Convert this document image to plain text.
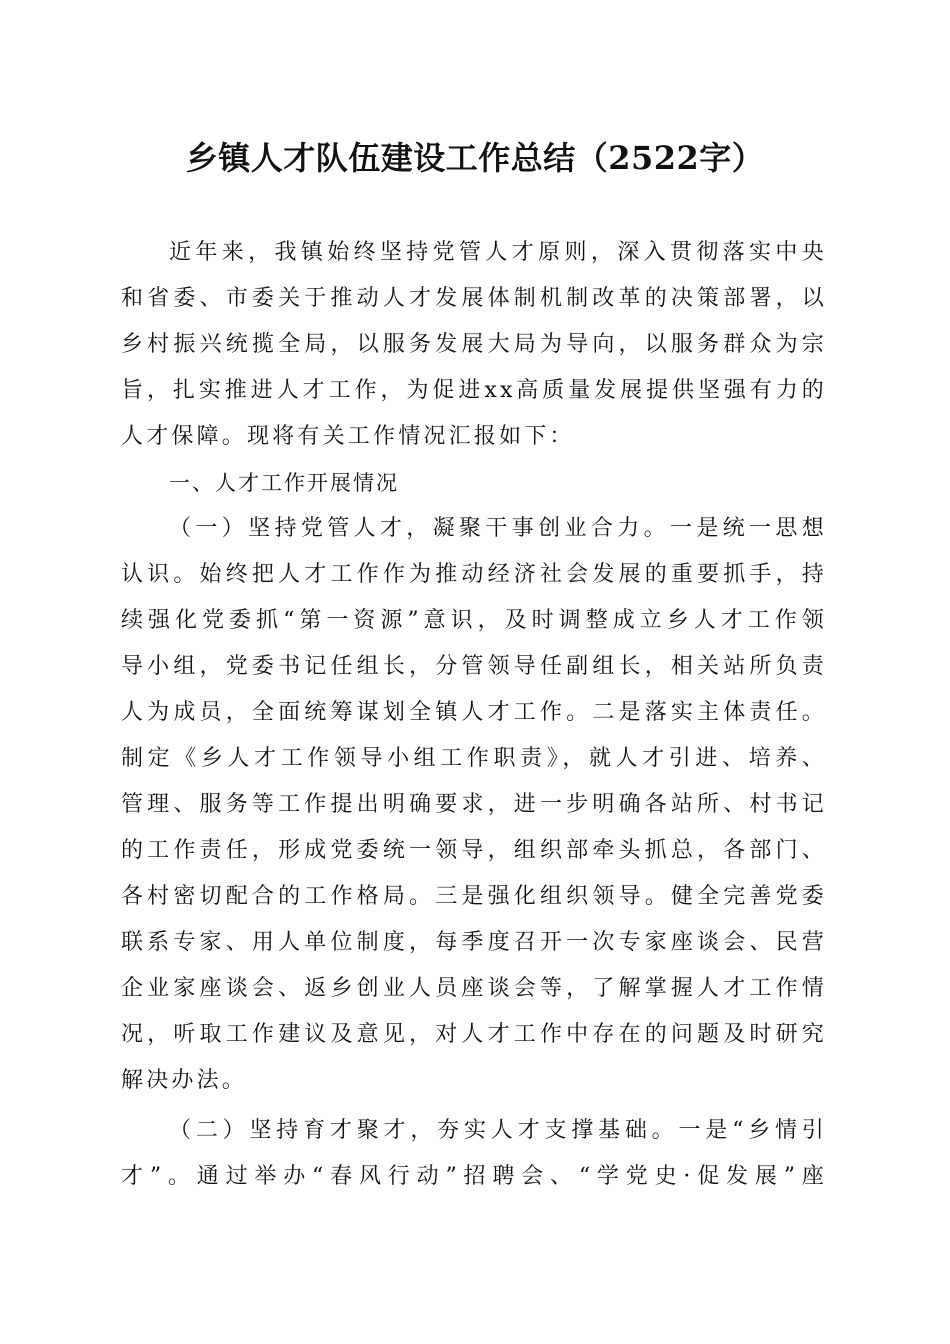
乡镇人才队伍建设工作总结（2522字）
近年来，我镇始终坚持党管人才原则，深入贯彻落实中央
和省委、市委关于推动人才发展体制机制改革的决策部署，以
乡村振兴统揽全局，以服务发展大局为导向，以服务群众为宗
旨，扎实推进人才工作，为促进xx高质量发展提供坚强有力的
人才保障。现将有关工作情况汇报如下：
一、人才工作开展情况
（一）坚持党管人才，凝聚干事创业合力。一是统一思想
认识。始终把人才工作作为推动经济社会发展的重要抓手，持
续强化党委抓“第一资源”意识，及时调整成立乡人才工作领
导小组，党委书记任组长，分管领导任副组长，相关站所负责
人为成员，全面统筹谋划全镇人才工作。二是落实主体责任。
制定《乡人才工作领导小组工作职责》，就人才引进、培养、
管理、服务等工作提出明确要求，进一步明确各站所、村书记
的工作责任，形成党委统一领导，组织部牵头抓总，各部门、
各村密切配合的工作格局。三是强化组织领导。健全完善党委
联系专家、用人单位制度，每季度召开一次专家座谈会、民营
企业家座谈会、返乡创业人员座谈会等，了解掌握人才工作情
况，听取工作建议及意见，对人才工作中存在的问题及时研究
解决办法。
（二）坚持育才聚才，夯实人才支撑基础。一是“乡情引
才”。通过举办“春风行动”招聘会、“学党史·促发展”座
